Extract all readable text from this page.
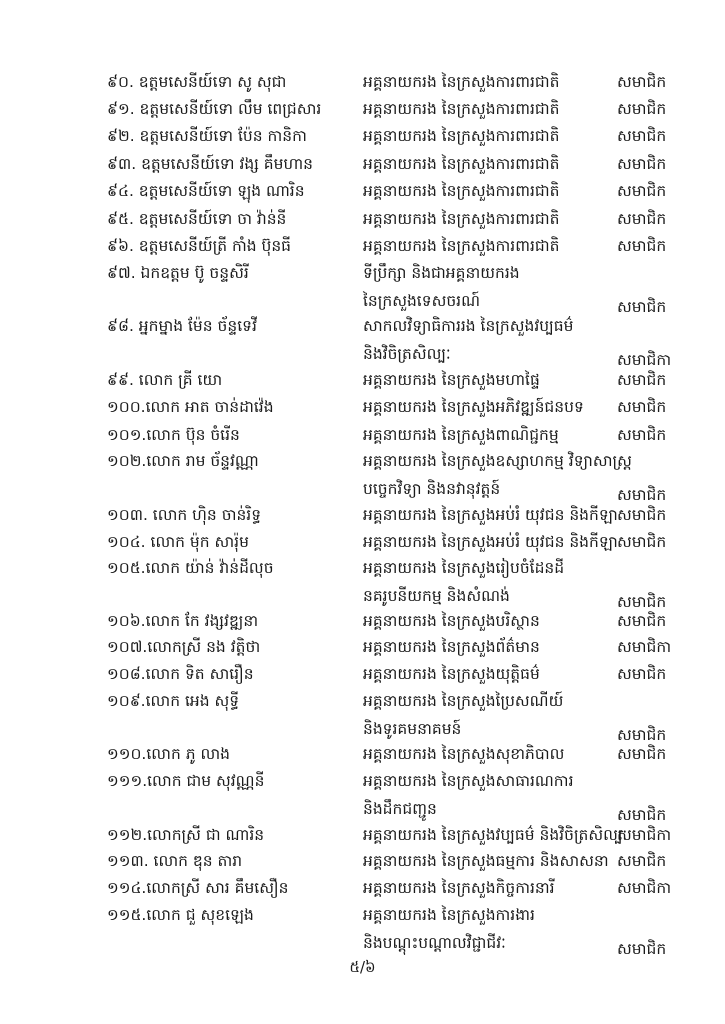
៩០. ឧត្តមសេនីយ៍ទោ សូ សុជា	អគ្គនាយករង នៃក្រសួងការពារជាតិ	សមាជិក
៩១. ឧត្តមសេនីយ៍ទោ លឹម ពេជ្រសារ	អគ្គនាយករង នៃក្រសួងការពារជាតិ	សមាជិក
៩២. ឧត្តមសេនីយ៍ទោ ប៉ែន កានិកា	អគ្គនាយករង នៃក្រសួងការពារជាតិ	សមាជិក
៩៣. ឧត្តមសេនីយ៍ទោ វង្ស គឹមហាន	អគ្គនាយករង នៃក្រសួងការពារជាតិ	សមាជិក
៩៤. ឧត្តមសេនីយ៍ទោ ឡុង ណារិន	អគ្គនាយករង នៃក្រសួងការពារជាតិ	សមាជិក
៩៥. ឧត្តមសេនីយ៍ទោ ចា វ៉ាន់នី	អគ្គនាយករង នៃក្រសួងការពារជាតិ	សមាជិក
៩៦. ឧត្តមសេនីយ៍ត្រី កាំង ប៊ុនធី	អគ្គនាយករង នៃក្រសួងការពារជាតិ	សមាជិក
៩៧. ឯកឧត្តម ប៊ូ ចន្ទសិរី	ទីប្រឹក្សា និងជាអគ្គនាយករង
នៃក្រសួងទេសចរណ៍	សមាជិក
៩៨. អ្នកម្នាង ម៉ែន ច័ន្ទទេវី	សាកលវិទ្យាធិការរង នៃក្រសួងវប្បធម៌
និងវិចិត្រសិល្បៈ	សមាជិកា
៩៩. លោក គ្រី យោ	អគ្គនាយករង នៃក្រសួងមហាផ្ទៃ	សមាជិក
១០០.លោក អាត ចាន់ដាវ៉េង	អគ្គនាយករង នៃក្រសួងអភិវឌ្ឍន៍ជនបទ សមាជិក
១០១.លោក ប៊ុន ចំរើន	អគ្គនាយករង នៃក្រសួងពាណិជ្ជកម្ម	សមាជិក
១០២.លោក រាម ច័ន្ទវណ្ណា	អគ្គនាយករង នៃក្រសួងឧស្សាហកម្ម វិទ្យាសាស្ត្រ
បច្ចេកវិទ្យា និងនវានុវត្តន៍	សមាជិក
១០៣. លោក ហ៊ិន ចាន់រិទ្ធ	អគ្គនាយករង នៃក្រសួងអប់រំ យុវជន និងកីឡា សមាជិក
១០៤. លោក ម៉ុក សារ៉ុម	អគ្គនាយករង នៃក្រសួងអប់រំ យុវជន និងកីឡា សមាជិក
១០៥.លោក យ៉ាន់ វ៉ាន់ដីលុច	អគ្គនាយករង នៃក្រសួងរៀបចំដែនដី
នគរូបនីយកម្ម និងសំណង់	សមាជិក
១០៦.លោក កែ វង្សវឌ្ឍនា	អគ្គនាយករង នៃក្រសួងបរិស្ថាន	សមាជិក
១០៧.លោកស្រី នង វត្តិថា	អគ្គនាយករង នៃក្រសួងព័ត៌មាន	សមាជិកា
១០៨.លោក ទិត សារឿន	អគ្គនាយករង នៃក្រសួងយុត្តិធម៌	សមាជិក
១០៩.លោក អេង សុទ្ធី	អគ្គនាយករង នៃក្រសួងប្រៃសណីយ៍
និងទូរគមនាគមន៍	សមាជិក
១១០.លោក ភូ លាង	អគ្គនាយករង នៃក្រសួងសុខាភិបាល	សមាជិក
១១១.លោក ជាម សុវណ្ណនី	អគ្គនាយករង នៃក្រសួងសាធារណការ
និងដឹកជញ្ជូន	សមាជិក
១១២.លោកស្រី ជា ណារិន	អគ្គនាយករង នៃក្រសួងវប្បធម៌ និងវិចិត្រសិល្បៈ
សមាជិកា
១១៣. លោក ឌុន តារា	អគ្គនាយករង នៃក្រសួងធម្មការ និងសាសនា សមាជិក
១១៤.លោកស្រី សារ គឹមសឿន	អគ្គនាយករង នៃក្រសួងកិច្ចការនារី	សមាជិកា
១១៥.លោក ជួ សុខឡេង	អគ្គនាយករង នៃក្រសួងការងារ
និងបណ្តុះបណ្តាលវិជ្ជាជីវៈ	សមាជិក
៥/៦
